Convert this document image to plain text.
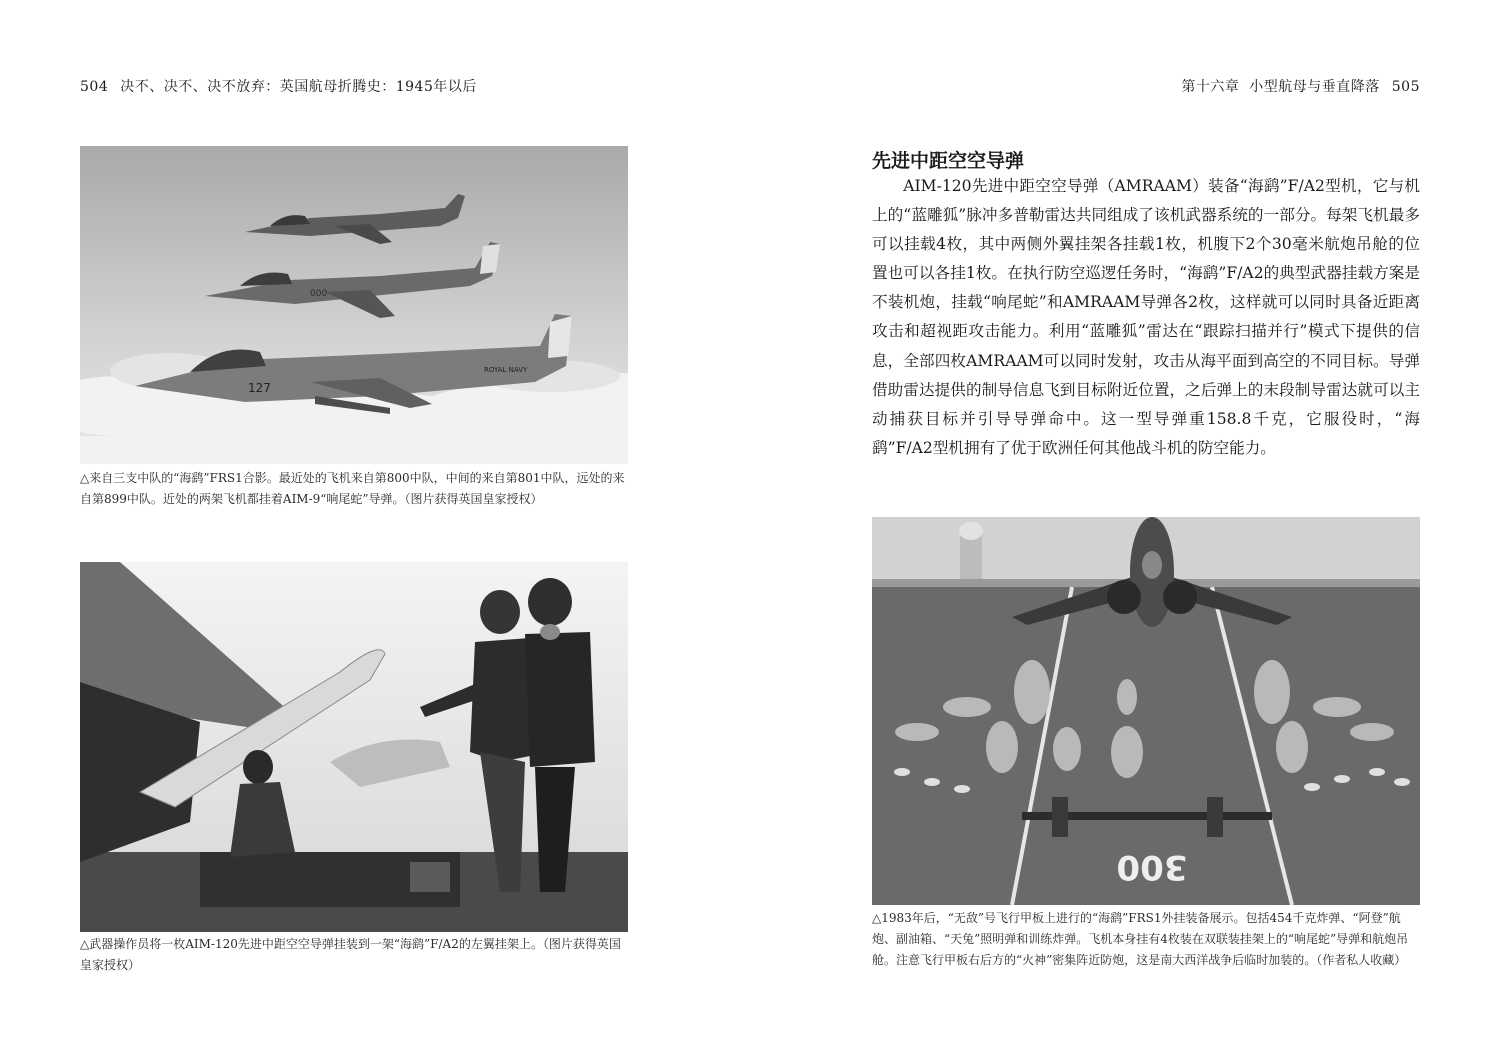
504 决不、决不、决不放弃：英国航母折腾史：1945年以后	第十六章  小型航母与垂直降落 505
000
127
ROYAL NAVY
△来自三支中队的“海鹞”FRS1合影。最近处的飞机来自第800中队，中间的来自第801中队，远处的来自第899中队。近处的两架飞机都挂着AIM-9“响尾蛇”导弹。（图片获得英国皇家授权）
△武器操作员将一枚AIM-120先进中距空空导弹挂装到一架“海鹞”F/A2的左翼挂架上。（图片获得英国皇家授权）
先进中距空空导弹

AIM-120先进中距空空导弹（AMRAAM）装备“海鹞”F/A2型机，它与机上的“蓝雕狐”脉冲多普勒雷达共同组成了该机武器系统的一部分。每架飞机最多可以挂载4枚，其中两侧外翼挂架各挂载1枚，机腹下2个30毫米航炮吊舱的位置也可以各挂1枚。在执行防空巡逻任务时，“海鹞”F/A2的典型武器挂载方案是不装机炮，挂载“响尾蛇”和AMRAAM导弹各2枚，这样就可以同时具备近距离攻击和超视距攻击能力。利用“蓝雕狐”雷达在“跟踪扫描并行”模式下提供的信息，全部四枚AMRAAM可以同时发射，攻击从海平面到高空的不同目标。导弹借助雷达提供的制导信息飞到目标附近位置，之后弹上的末段制导雷达就可以主动捕获目标并引导导弹命中。这一型导弹重158.8千克，它服役时，“海鹞”F/A2型机拥有了优于欧洲任何其他战斗机的防空能力。

300
△1983年后，“无敌”号飞行甲板上进行的“海鹞”FRS1外挂装备展示。包括454千克炸弹、“阿登”航炮、副油箱、“天兔”照明弹和训练炸弹。飞机本身挂有4枚装在双联装挂架上的“响尾蛇”导弹和航炮吊舱。注意飞行甲板右后方的“火神”密集阵近防炮，这是南大西洋战争后临时加装的。（作者私人收藏）
